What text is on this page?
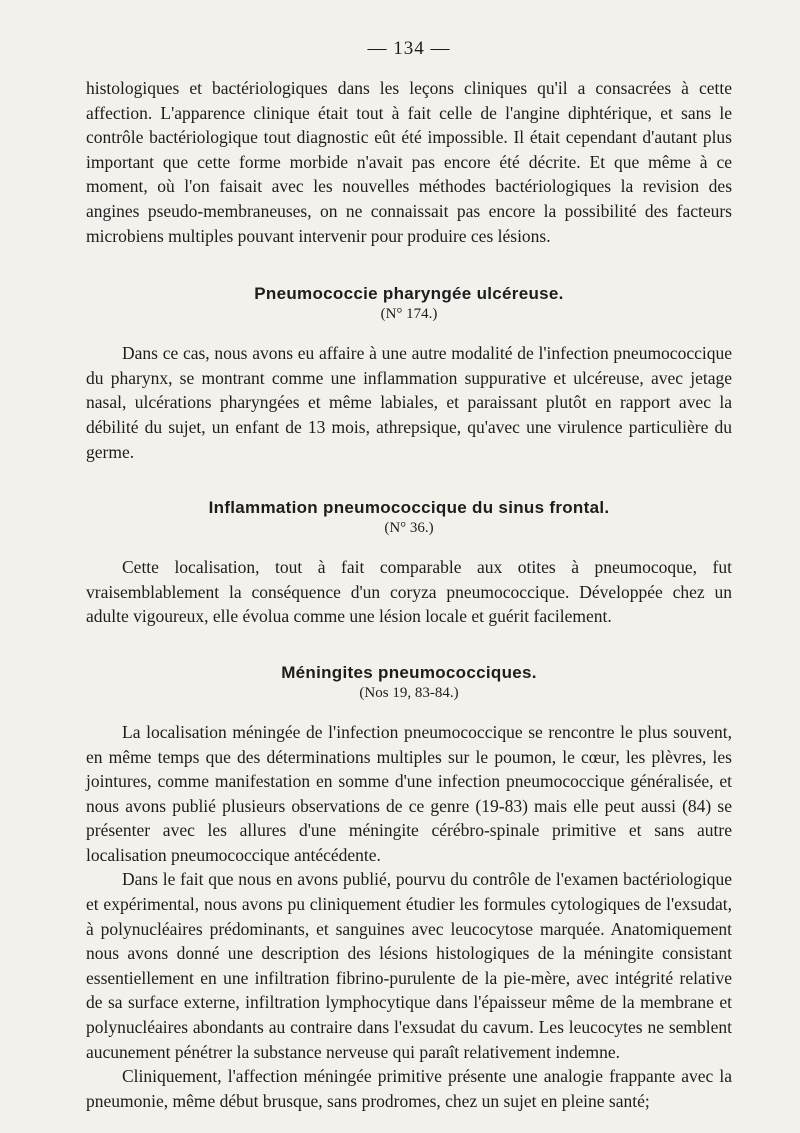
— 134 —

histologiques et bactériologiques dans les leçons cliniques qu'il a consacrées à cette affection. L'apparence clinique était tout à fait celle de l'angine diphtérique, et sans le contrôle bactériologique tout diagnostic eût été impossible. Il était cependant d'autant plus important que cette forme morbide n'avait pas encore été décrite. Et que même à ce moment, où l'on faisait avec les nouvelles méthodes bactériologiques la revision des angines pseudo-membraneuses, on ne connaissait pas encore la possibilité des facteurs microbiens multiples pouvant intervenir pour produire ces lésions.

Pneumococcie pharyngée ulcéreuse.
(N° 174.)

Dans ce cas, nous avons eu affaire à une autre modalité de l'infection pneumococcique du pharynx, se montrant comme une inflammation suppurative et ulcéreuse, avec jetage nasal, ulcérations pharyngées et même labiales, et paraissant plutôt en rapport avec la débilité du sujet, un enfant de 13 mois, athrepsique, qu'avec une virulence particulière du germe.

Inflammation pneumococcique du sinus frontal.
(N° 36.)

Cette localisation, tout à fait comparable aux otites à pneumocoque, fut vraisemblablement la conséquence d'un coryza pneumococcique. Développée chez un adulte vigoureux, elle évolua comme une lésion locale et guérit facilement.

Méningites pneumococciques.
(Nos 19, 83-84.)

La localisation méningée de l'infection pneumococcique se rencontre le plus souvent, en même temps que des déterminations multiples sur le poumon, le cœur, les plèvres, les jointures, comme manifestation en somme d'une infection pneumococcique généralisée, et nous avons publié plusieurs observations de ce genre (19-83) mais elle peut aussi (84) se présenter avec les allures d'une méningite cérébro-spinale primitive et sans autre localisation pneumococcique antécédente.

Dans le fait que nous en avons publié, pourvu du contrôle de l'examen bactériologique et expérimental, nous avons pu cliniquement étudier les formules cytologiques de l'exsudat, à polynucléaires prédominants, et sanguines avec leucocytose marquée. Anatomiquement nous avons donné une description des lésions histologiques de la méningite consistant essentiellement en une infiltration fibrino-purulente de la pie-mère, avec intégrité relative de sa surface externe, infiltration lymphocytique dans l'épaisseur même de la membrane et polynucléaires abondants au contraire dans l'exsudat du cavum. Les leucocytes ne semblent aucunement pénétrer la substance nerveuse qui paraît relativement indemne.

Cliniquement, l'affection méningée primitive présente une analogie frappante avec la pneumonie, même début brusque, sans prodromes, chez un sujet en pleine santé;
